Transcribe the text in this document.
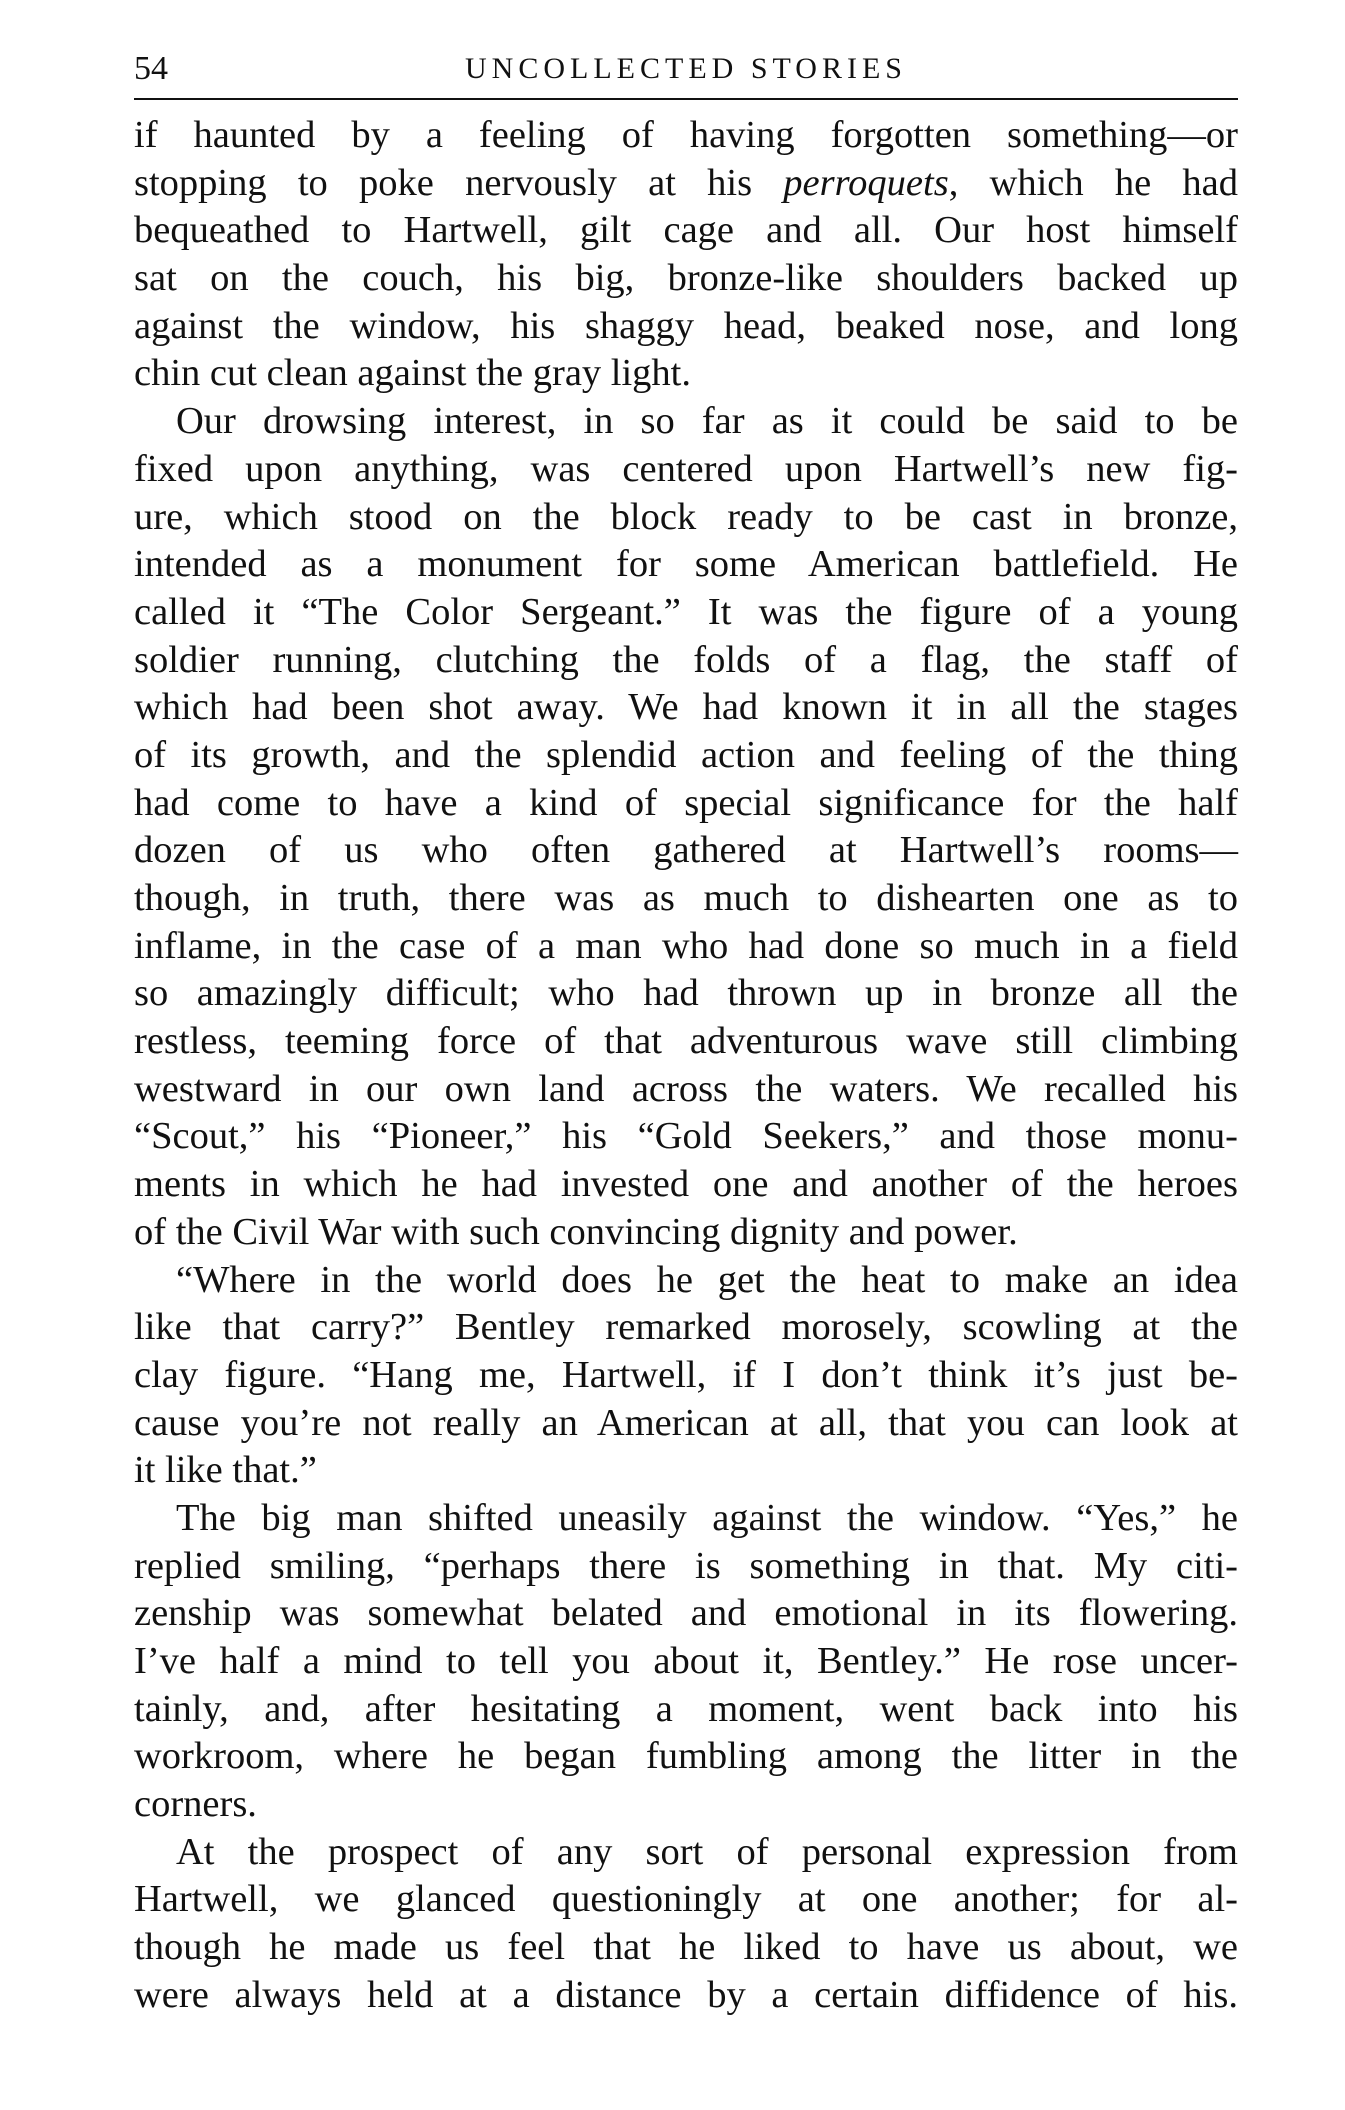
54	UNCOLLECTED STORIES
if haunted by a feeling of having forgotten something—or
stopping to poke nervously at his perroquets, which he had
bequeathed to Hartwell, gilt cage and all. Our host himself
sat on the couch, his big, bronze-like shoulders backed up
against the window, his shaggy head, beaked nose, and long
chin cut clean against the gray light.
Our drowsing interest, in so far as it could be said to be
fixed upon anything, was centered upon Hartwell’s new fig-
ure, which stood on the block ready to be cast in bronze,
intended as a monument for some American battlefield. He
called it “The Color Sergeant.” It was the figure of a young
soldier running, clutching the folds of a flag, the staff of
which had been shot away. We had known it in all the stages
of its growth, and the splendid action and feeling of the thing
had come to have a kind of special significance for the half
dozen of us who often gathered at Hartwell’s rooms—
though, in truth, there was as much to dishearten one as to
inflame, in the case of a man who had done so much in a field
so amazingly difficult; who had thrown up in bronze all the
restless, teeming force of that adventurous wave still climbing
westward in our own land across the waters. We recalled his
“Scout,” his “Pioneer,” his “Gold Seekers,” and those monu-
ments in which he had invested one and another of the heroes
of the Civil War with such convincing dignity and power.
“Where in the world does he get the heat to make an idea
like that carry?” Bentley remarked morosely, scowling at the
clay figure. “Hang me, Hartwell, if I don’t think it’s just be-
cause you’re not really an American at all, that you can look at
it like that.”
The big man shifted uneasily against the window. “Yes,” he
replied smiling, “perhaps there is something in that. My citi-
zenship was somewhat belated and emotional in its flowering.
I’ve half a mind to tell you about it, Bentley.” He rose uncer-
tainly, and, after hesitating a moment, went back into his
workroom, where he began fumbling among the litter in the
corners.
At the prospect of any sort of personal expression from
Hartwell, we glanced questioningly at one another; for al-
though he made us feel that he liked to have us about, we
were always held at a distance by a certain diffidence of his.
